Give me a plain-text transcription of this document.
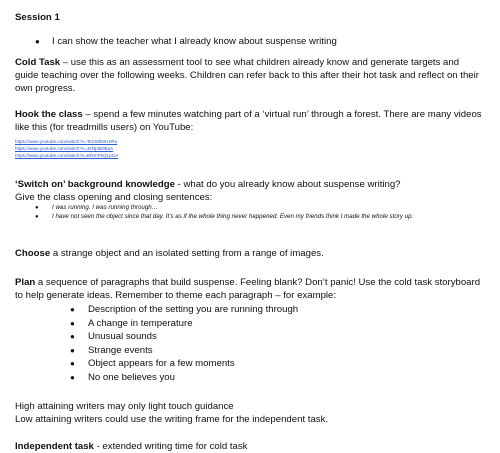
Session 1
● I can show the teacher what I already know about suspense writing
Cold Task – use this as an assessment tool to see what children already know and generate targets and guide teaching over the following weeks. Children can refer back to this after their hot task and reflect on their own progress.
Hook the class – spend a few minutes watching part of a ‘virtual run’ through a forest. There are many videos like this (for treadmills users) on YouTube:
https://www.youtube.com/watch?v=TeC80k0HXRo
https://www.youtube.com/watch?v=Jsf4j2B0BaA
https://www.youtube.com/watch?v=Bf2mF5Q1pGA
‘Switch on’ background knowledge - what do you already know about suspense writing?
Give the class opening and closing sentences:
● I was running. I was running through…
● I have not seen the object since that day. It’s as if the whole thing never happened. Even my friends think I made the whole story up.
Choose a strange object and an isolated setting from a range of images.
Plan a sequence of paragraphs that build suspense. Feeling blank? Don’t panic! Use the cold task storyboard to help generate ideas. Remember to theme each paragraph – for example:
● Description of the setting you are running through
● A change in temperature
● Unusual sounds
● Strange events
● Object appears for a few moments
● No one believes you
High attaining writers may only light touch guidance
Low attaining writers could use the writing frame for the independent task.
Independent task - extended writing time for cold task
